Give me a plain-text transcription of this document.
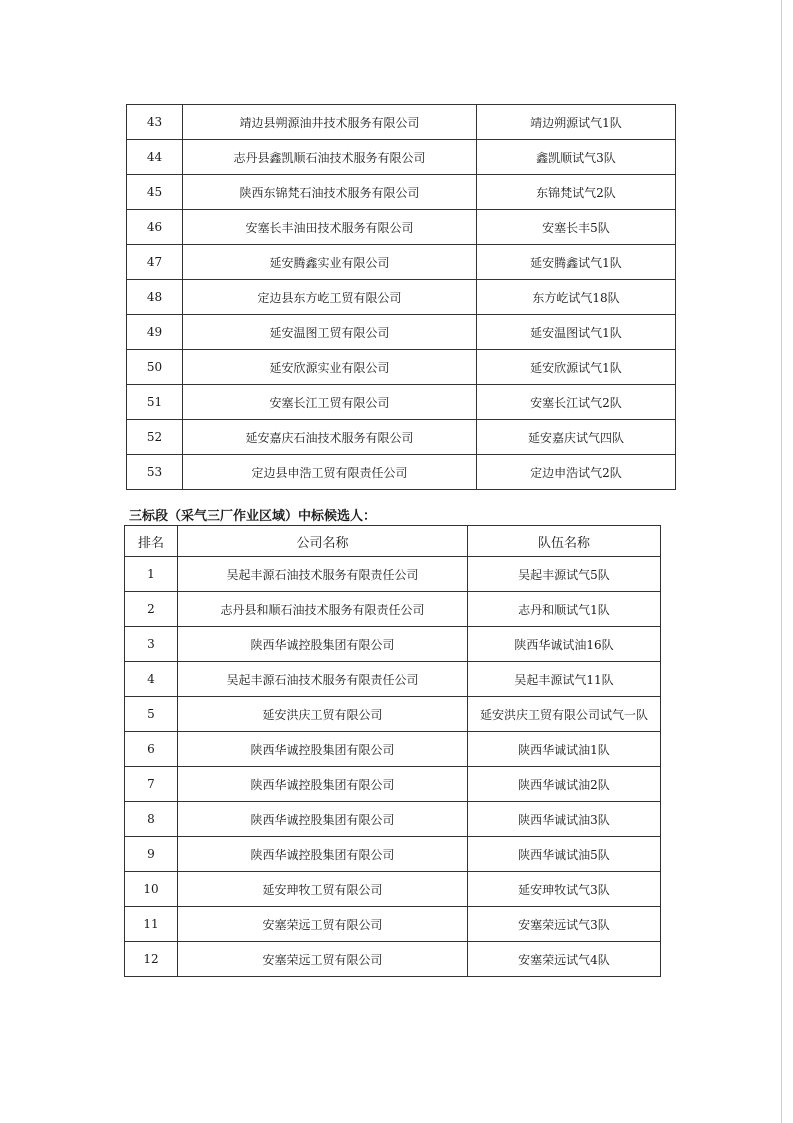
43	靖边县朔源油井技术服务有限公司	靖边朔源试气1队
44	志丹县鑫凯顺石油技术服务有限公司	鑫凯顺试气3队
45	陕西东锦梵石油技术服务有限公司	东锦梵试气2队
46	安塞长丰油田技术服务有限公司	安塞长丰5队
47	延安腾鑫实业有限公司	延安腾鑫试气1队
48	定边县东方屹工贸有限公司	东方屹试气18队
49	延安温图工贸有限公司	延安温图试气1队
50	延安欣源实业有限公司	延安欣源试气1队
51	安塞长江工贸有限公司	安塞长江试气2队
52	延安嘉庆石油技术服务有限公司	延安嘉庆试气四队
53	定边县申浩工贸有限责任公司	定边申浩试气2队

三标段（采气三厂作业区域）中标候选人：

排名	公司名称	队伍名称
1	吴起丰源石油技术服务有限责任公司	吴起丰源试气5队
2	志丹县和顺石油技术服务有限责任公司	志丹和顺试气1队
3	陕西华诚控股集团有限公司	陕西华诚试油16队
4	吴起丰源石油技术服务有限责任公司	吴起丰源试气11队
5	延安洪庆工贸有限公司	延安洪庆工贸有限公司试气一队
6	陕西华诚控股集团有限公司	陕西华诚试油1队
7	陕西华诚控股集团有限公司	陕西华诚试油2队
8	陕西华诚控股集团有限公司	陕西华诚试油3队
9	陕西华诚控股集团有限公司	陕西华诚试油5队
10	延安珅牧工贸有限公司	延安珅牧试气3队
11	安塞荣远工贸有限公司	安塞荣远试气3队
12	安塞荣远工贸有限公司	安塞荣远试气4队
